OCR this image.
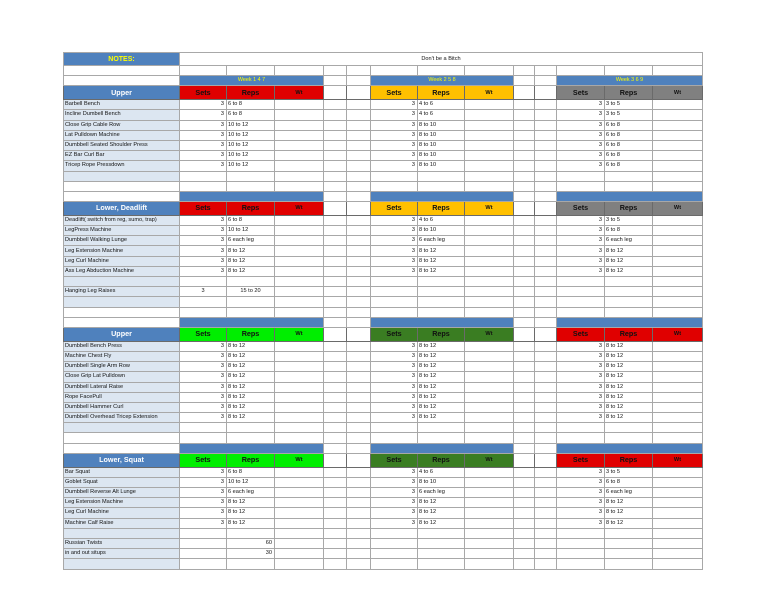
NOTES:	Don't be a Bitch												

	Week 1 4 7					Week 2 5 8					Week 3 6 9		
Upper	Sets	Reps	Wt			Sets	Reps	Wt			Sets	Reps	Wt
Barbell Bench	3	6 to 8				3	4 to 6				3	3 to 5	
Incline Dumbell Bench	3	6 to 8				3	4 to 6				3	3 to 5	
Close Grip Cable Row	3	10 to 12				3	8 to 10				3	6 to 8	
Lat Pulldown Machine	3	10 to 12				3	8 to 10				3	6 to 8	
Dumbbell Seated Shoulder Press	3	10 to 12				3	8 to 10				3	6 to 8	
EZ Bar Curl Bar	3	10 to 12				3	8 to 10				3	6 to 8	
Tricep Rope Pressdown	3	10 to 12				3	8 to 10				3	6 to 8	

Lower, Deadlift	Sets	Reps	Wt			Sets	Reps	Wt			Sets	Reps	Wt
Deadlift( switch from reg, sumo, trap)	3	6 to 8				3	4 to 6				3	3 to 5	
LegPress Machine	3	10 to 12				3	8 to 10				3	6 to 8	
Dumbbell Walking Lunge	3	6 each leg				3	6 each leg				3	6 each leg	
Leg Extension Machine	3	8 to 12				3	8 to 12				3	8 to 12	
Leg Curl Machine	3	8 to 12				3	8 to 12				3	8 to 12	
Ass Leg Abduction Machine	3	8 to 12				3	8 to 12				3	8 to 12	

Hanging Leg Raises	3	15 to 20											

Upper	Sets	Reps	Wt			Sets	Reps	Wt			Sets	Reps	Wt
Dumbbell Bench Press	3	8 to 12				3	8 to 12				3	8 to 12	
Machine Chest Fly	3	8 to 12				3	8 to 12				3	8 to 12	
Dumbbell Single Arm Row	3	8 to 12				3	8 to 12				3	8 to 12	
Close Grip Lat Pulldown	3	8 to 12				3	8 to 12				3	8 to 12	
Dumbbell Lateral Raise	3	8 to 12				3	8 to 12				3	8 to 12	
Rope FacePull	3	8 to 12				3	8 to 12				3	8 to 12	
Dumbbell Hammer Curl	3	8 to 12				3	8 to 12				3	8 to 12	
Dumbbell Overhead Tricep Extension	3	8 to 12				3	8 to 12				3	8 to 12	

Lower, Squat	Sets	Reps	Wt			Sets	Reps	Wt			Sets	Reps	Wt
Bar Squat	3	6 to 8				3	4 to 6				3	3 to 5	
Goblet Squat	3	10 to 12				3	8 to 10				3	6 to 8	
Dumbbell Reverse Alt Lunge	3	6 each leg				3	6 each leg				3	6 each leg	
Leg Extension Machine	3	8 to 12				3	8 to 12				3	8 to 12	
Leg Curl Machine	3	8 to 12				3	8 to 12				3	8 to 12	
Machine Calf Raise	3	8 to 12				3	8 to 12				3	8 to 12	

Russian Twists		60											
in and out situps		30											
